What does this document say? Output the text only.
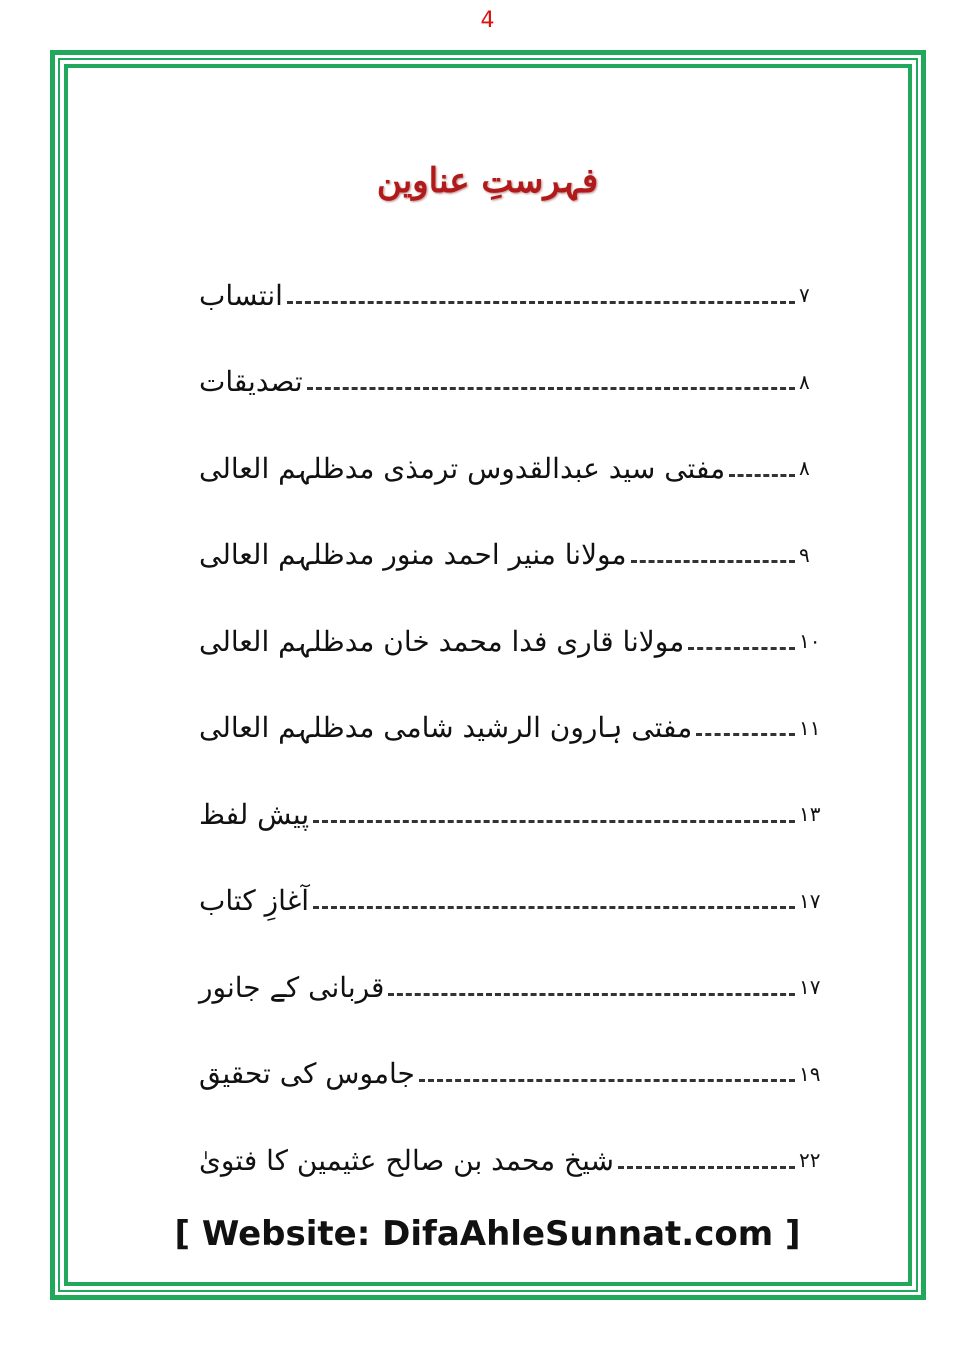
4
فہرستِ عناوین
انتساب	۷
تصدیقات	۸
مفتی سید عبدالقدوس ترمذی مدظلہم العالی	۸
مولانا منیر احمد منور مدظلہم العالی	۹
مولانا قاری فدا محمد خان مدظلہم العالی	۱۰
مفتی ہارون الرشید شامی مدظلہم العالی	۱۱
پیش لفظ	۱۳
آغازِ کتاب	۱۷
قربانی کے جانور	۱۷
جاموس کی تحقیق	۱۹
شیخ محمد بن صالح عثیمین کا فتویٰ	۲۲
[ Website: DifaAhleSunnat.com ]
